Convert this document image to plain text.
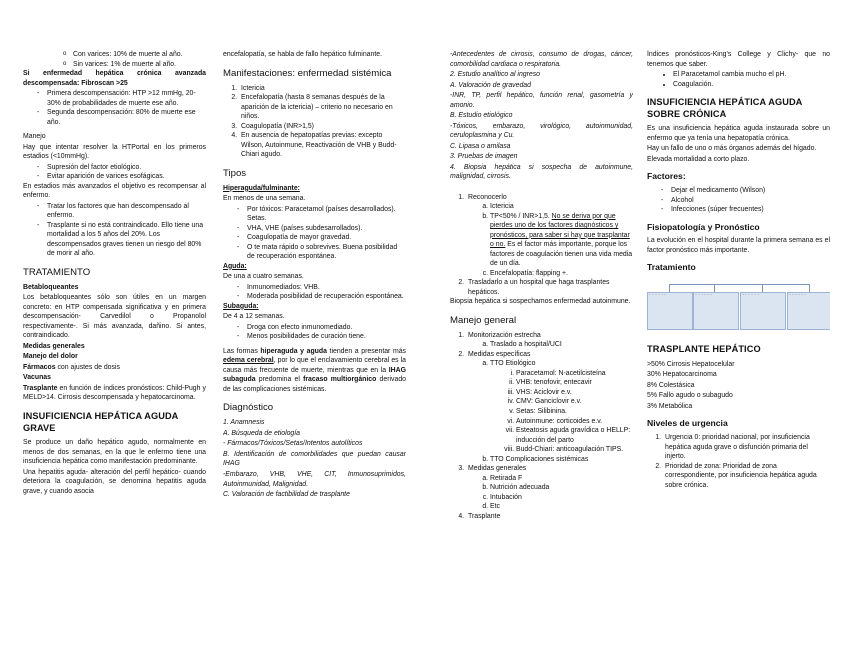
o Con varices: 10% de muerte al año.
o Sin varices: 1% de muerte al año.

Si enfermedad hepática crónica avanzada descompensada: Fibroscan >25

- Primera descompensación: HTP >12 mmHg, 20-30% de probabilidades de muerte ese año.
- Segunda descompensación: 80% de muerte ese año.

Manejo

Hay que intentar resolver la HTPortal en los primeros estadios (<10mmHg).

- Supresión del factor etiológico.
- Evitar aparición de varices esofágicas.

En estadios más avanzados el objetivo es recompensar al enfermo.

- Tratar los factores que han descompensado al enfermo.
- Trasplante si no está contraindicado. Ello tiene una mortalidad a los 5 años del 20%. Los descompensados graves tienen un riesgo del 80% de morir al año.
TRATAMIENTO

Betabloqueantes

Los betabloqueantes sólo son útiles en un margen concreto: en HTP compensada significativa y en primera descompensación- Carvedilol o Propanolol respectivamente-. Si más avanzada, dañino. Si antes, contraindicado.

Medidas generales

Manejo del dolor

Fármacos con ajustes de dosis

Vacunas

Trasplante en función de índices pronósticos: Child-Pugh y MELD>14. Cirrosis descompensada y hepatocarcinoma.

INSUFICIENCIA HEPÁTICA AGUDA GRAVE

Se produce un daño hepático agudo, normalmente en menos de dos semanas, en la que le enfermo tiene una insuficiencia hepática como manifestación predominante.

Una hepatitis aguda- alteración del perfil hepático- cuando deteriora la coagulación, se denomina hepatitis aguda grave, y cuando asocia

encefalopatía, se habla de fallo hepático fulminante.

Manifestaciones: enfermedad sistémica
1. Ictericia
2. Encefalopatía (hasta 8 semanas después de la aparición de la ictericia) – criterio no necesario en niños.
3. Coagulopatía (INR>1,5)
4. En ausencia de hepatopatías previas: excepto Wilson, Autoinmune, Reactivación de VHB y Budd-Chiari agudo.
Tipos

Hiperaguda/fulminante:

En menos de una semana.

- Por tóxicos: Paracetamol (países desarrollados). Setas.
- VHA, VHE (países subdesarrollados).
- Coagulopatía de mayor gravedad.
- O te mata rápido o sobrevives. Buena posibilidad de recuperación espontánea.

Aguda:

De una a cuatro semanas.

- Inmunomediados: VHB.
- Moderada posibilidad de recuperación espontánea.

Subaguda:

De 4 a 12 semanas.

- Droga con efecto inmunomediado.
- Menos posibilidades de curación tiene.

Las formas hiperaguda y aguda tienden a presentar más edema cerebral, por lo que el enclavamiento cerebral es la causa más frecuente de muerte, mientras que en la IHAG subaguda predomina el fracaso multiorgánico derivado de las complicaciones sistémicas.

Diagnóstico

1. Anamnesis

A. Búsqueda de etiología

- Fármacos/Tóxicos/Setas/Intentos autolíticos

B. Identificación de comorbilidades que puedan causar IHAG

-Embarazo, VHB, VHE, CIT, Inmunosuprimidos, Autoinmunidad, Malignidad.

C. Valoración de factibilidad de trasplante

-Antecedentes de cirrosis, consumo de drogas, cáncer, comorbilidad cardiaca o respiratoria.

2. Estudio analítico al ingreso

A. Valoración de gravedad

-INR, TP, perfil hepático, función renal, gasometría y amonio.

B. Estudio etiológico

-Tóxicos, embarazo, virológico, autoinmunidad, ceruloplasmina y Cu.

C. Lipasa o amilasa

3. Pruebas de imagen

4. Biopsia hepática si sospecha de autoinmune, malignidad, cirrosis.

1. Reconocerlo
a. Ictericia
b. TP<50% / INR>1,5. No se deriva por que pierdes uno de los factores diagnósticos y pronósticos, para saber si hay que trasplantar o no. Es el factor más importante, porque los factores de coagulación tienen una vida media de un día.
c. Encefalopatía: flapping +.
2. Trasladarlo a un hospital que haga trasplantes hepáticos.

Biopsia hepática si sospechamos enfermedad autoinmune.

Manejo general
1. Monitorización estrecha
a. Traslado a hospital/UCI
2. Medidas específicas
a. TTO Etiológico
i. Paracetamol: N-acetilcisteína
ii. VHB: tenofovir, entecavir
iii. VHS: Aciclovir e.v.
iv. CMV: Ganciclovir e.v.
v. Setas: Silibinina.
vi. Autoinmune: corticoides e.v.
vii. Esteatosis aguda gravídica o HELLP: inducción del parto
viii. Budd-Chiari: anticoagulación TIPS.
b. TTO Complicaciones sistémicas
3. Medidas generales
a. Retirada F
b. Nutrición adecuada
c. Intubación
d. Etc
4. Trasplante

Índices pronósticos-King's College y Clichy- que no tenemos que saber.

• El Paracetamol cambia mucho el pH.
• Coagulación.
INSUFICIENCIA HEPÁTICA AGUDA SOBRE CRÓNICA

Es una insuficiencia hepática aguda instaurada sobre un enfermo que ya tenía una hepatopatía crónica.

Hay un fallo de uno o más órganos además del hígado.

Elevada mortalidad a corto plazo.

Factores:
- Dejar el medicamento (Wilson)
- Alcohol
- Infecciones (súper frecuentes)
Fisiopatología y Pronóstico

La evolución en el hospital durante la primera semana es el factor pronóstico más importante.

Tratamiento
·· ·· ·· ·· ·· ··	·· ·· ·· ·· ·· ··	·· ·· ·· ·· ·· ··	·· ·· ·· ·· ·· ··
TRASPLANTE HEPÁTICO

>50% Cirrosis Hepatocelular

30% Hepatocarcinoma

8% Colestásica

5% Fallo agudo o subagudo

3% Metabólica

Niveles de urgencia
1. Urgencia 0: prioridad nacional, por insuficiencia hepática aguda grave o disfunción primaria del injerto.
2. Prioridad de zona: Prioridad de zona correspondiente, por insuficiencia hepática aguda sobre crónica.
